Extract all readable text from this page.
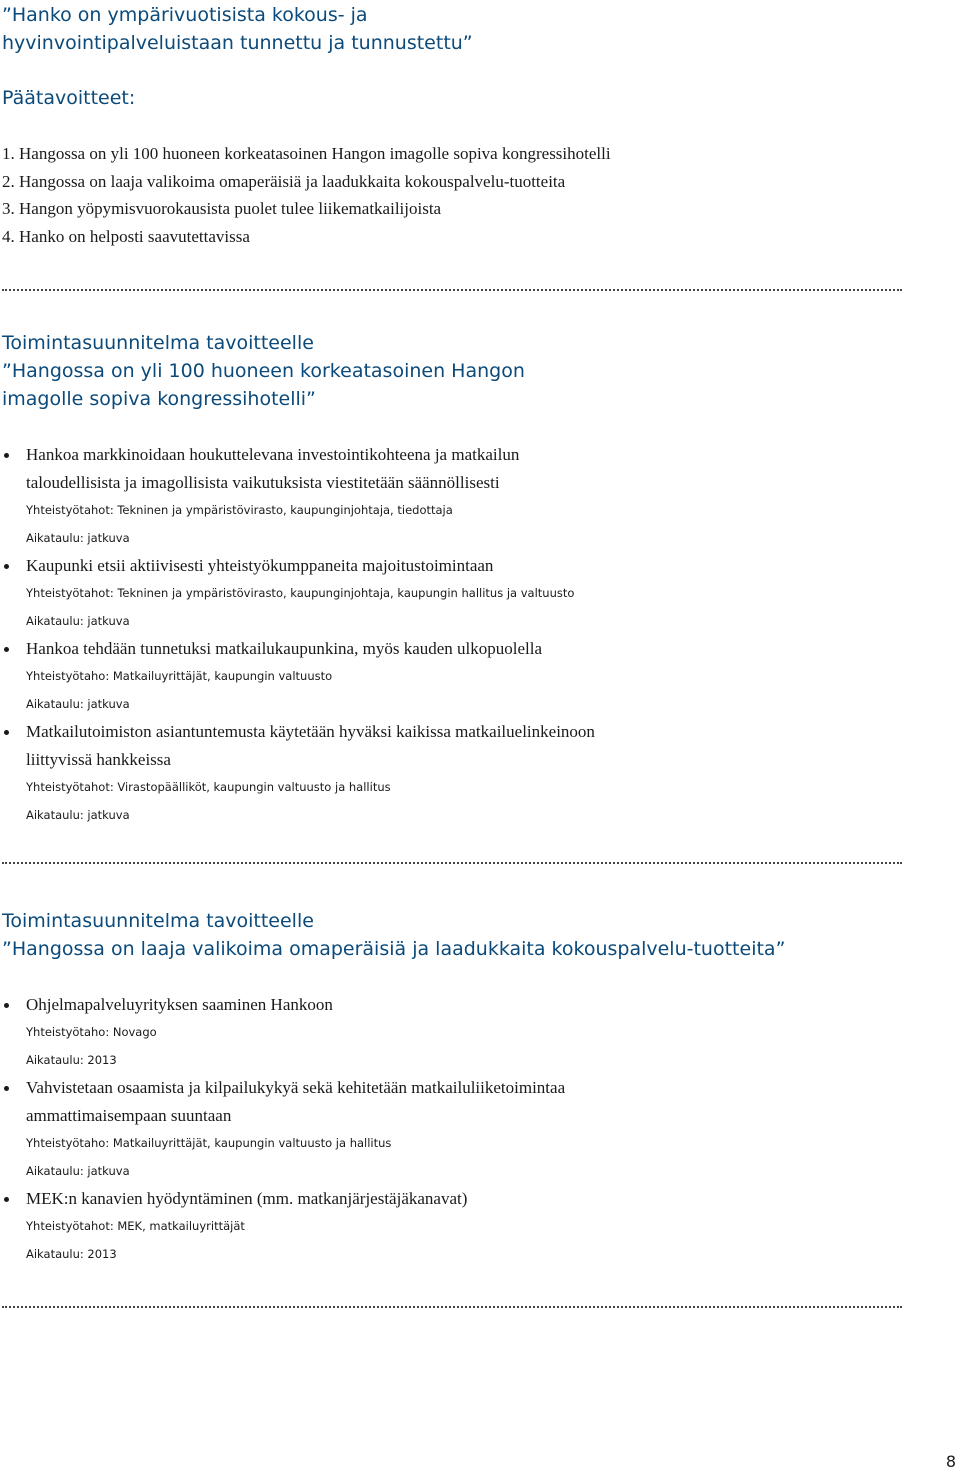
”Hanko on ympärivuotisista kokous- ja
hyvinvointipalveluistaan tunnettu ja tunnustettu”
Päätavoitteet:
1. Hangossa on yli 100 huoneen korkeatasoinen Hangon imagolle sopiva kongressihotelli
2. Hangossa on laaja valikoima omaperäisiä ja laadukkaita kokouspalvelu-tuotteita
3. Hangon yöpymisvuorokausista puolet tulee liikematkailijoista
4. Hanko on helposti saavutettavissa
Toimintasuunnitelma tavoitteelle
”Hangossa on yli 100 huoneen korkeatasoinen Hangon
imagolle sopiva kongressihotelli”
Hankoa markkinoidaan houkuttelevana investointikohteena ja matkailun
taloudellisista ja imagollisista vaikutuksista viestitetään säännöllisesti
Yhteistyötahot: Tekninen ja ympäristövirasto, kaupunginjohtaja, tiedottaja
Aikataulu: jatkuva
Kaupunki etsii aktiivisesti yhteistyökumppaneita majoitustoimintaan
Yhteistyötahot: Tekninen ja ympäristövirasto, kaupunginjohtaja, kaupungin hallitus ja valtuusto
Aikataulu: jatkuva
Hankoa tehdään tunnetuksi matkailukaupunkina, myös kauden ulkopuolella
Yhteistyötaho: Matkailuyrittäjät, kaupungin valtuusto
Aikataulu: jatkuva
Matkailutoimiston asiantuntemusta käytetään hyväksi kaikissa matkailuelinkeinoon
liittyvissä hankkeissa
Yhteistyötahot: Virastopäälliköt, kaupungin valtuusto ja hallitus
Aikataulu: jatkuva
Toimintasuunnitelma tavoitteelle
”Hangossa on laaja valikoima omaperäisiä ja laadukkaita kokouspalvelu-tuotteita”
Ohjelmapalveluyrityksen saaminen Hankoon
Yhteistyötaho: Novago
Aikataulu: 2013
Vahvistetaan osaamista ja kilpailukykyä sekä kehitetään matkailuliiketoimintaa
ammattimaisempaan suuntaan
Yhteistyötaho: Matkailuyrittäjät, kaupungin valtuusto ja hallitus
Aikataulu: jatkuva
MEK:n kanavien hyödyntäminen (mm. matkanjärjestäjäkanavat)
Yhteistyötahot: MEK, matkailuyrittäjät
Aikataulu: 2013
8
